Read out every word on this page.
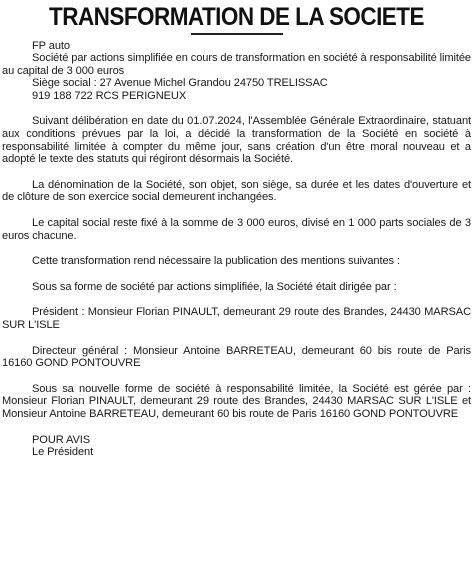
TRANSFORMATION DE LA SOCIETE

FP auto

Société par actions simplifiée en cours de transformation en société à responsabilité limitée au capital de 3 000 euros

Siège social : 27 Avenue Michel Grandou 24750 TRELISSAC

919 188 722 RCS PERIGNEUX

Suivant délibération en date du 01.07.2024, l'Assemblée Générale Extraordinaire, statuant aux conditions prévues par la loi, a décidé la transformation de la Société en société à responsabilité limitée à compter du même jour, sans création d'un être moral nouveau et a adopté le texte des statuts qui régiront désormais la Société.

La dénomination de la Société, son objet, son siège, sa durée et les dates d'ouverture et de clôture de son exercice social demeurent inchangées.

Le capital social reste fixé à la somme de 3 000 euros, divisé en 1 000 parts sociales de 3 euros chacune.

Cette transformation rend nécessaire la publication des mentions suivantes :

Sous sa forme de société par actions simplifiée, la Société était dirigée par :

Président : Monsieur Florian PINAULT, demeurant 29 route des Brandes, 24430 MARSAC SUR L'ISLE

Directeur général : Monsieur Antoine BARRETEAU, demeurant 60 bis route de Paris 16160 GOND PONTOUVRE

Sous sa nouvelle forme de société à responsabilité limitée, la Société est gérée par : Monsieur Florian PINAULT, demeurant 29 route des Brandes, 24430 MARSAC SUR L'ISLE et Monsieur Antoine BARRETEAU, demeurant 60 bis route de Paris 16160 GOND PONTOUVRE

POUR AVIS

Le Président
